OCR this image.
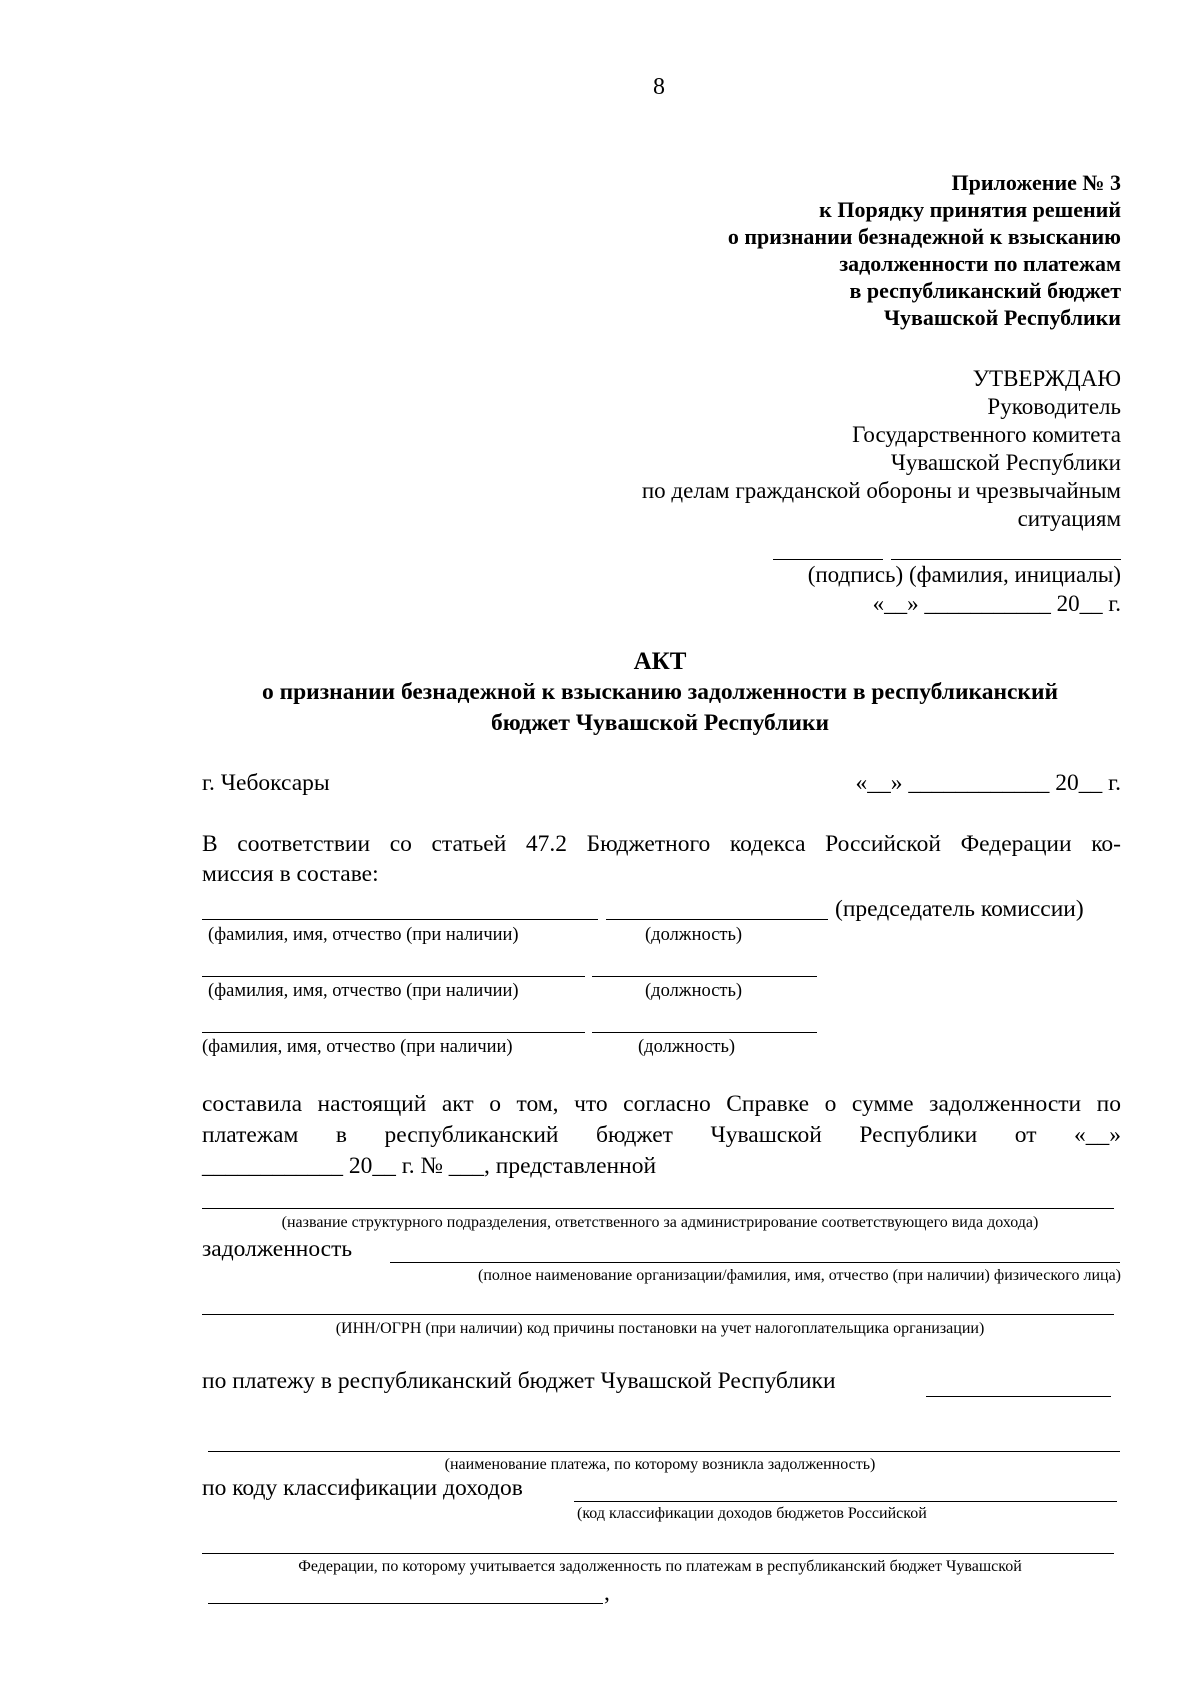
8
Приложение № 3
к Порядку принятия решений
о признании безнадежной к взысканию
задолженности по платежам
в республиканский бюджет
Чувашской Республики
УТВЕРЖДАЮ
Руководитель
Государственного комитета
Чувашской Республики
по делам гражданской обороны и чрезвычайным
ситуациям
(подпись) (фамилия, инициалы)
«__» ___________ 20__ г.
АКТ
о признании безнадежной к взысканию задолженности в республиканский
бюджет Чувашской Республики
г. Чебоксары	«__» ____________ 20__ г.
В соответствии со статьей 47.2 Бюджетного кодекса Российской Федерации ко-
миссия в составе:
(председатель комиссии)
(фамилия, имя, отчество (при наличии)	(должность)
(фамилия, имя, отчество (при наличии)	(должность)
(фамилия, имя, отчество (при наличии)	(должность)
составила настоящий акт о том, что согласно Справке о сумме задолженности по
платежам в республиканский бюджет Чувашской Республики от «__»
____________ 20__ г. № ___, представленной
(название структурного подразделения, ответственного за администрирование соответствующего вида дохода)
задолженность
(полное наименование организации/фамилия, имя, отчество (при наличии) физического лица)
(ИНН/ОГРН (при наличии) код причины постановки на учет налогоплательщика организации)
по платежу в республиканский бюджет Чувашской Республики
(наименование платежа, по которому возникла задолженность)
по коду классификации доходов
(код классификации доходов бюджетов Российской
Федерации, по которому учитывается задолженность по платежам в республиканский бюджет Чувашской
,
